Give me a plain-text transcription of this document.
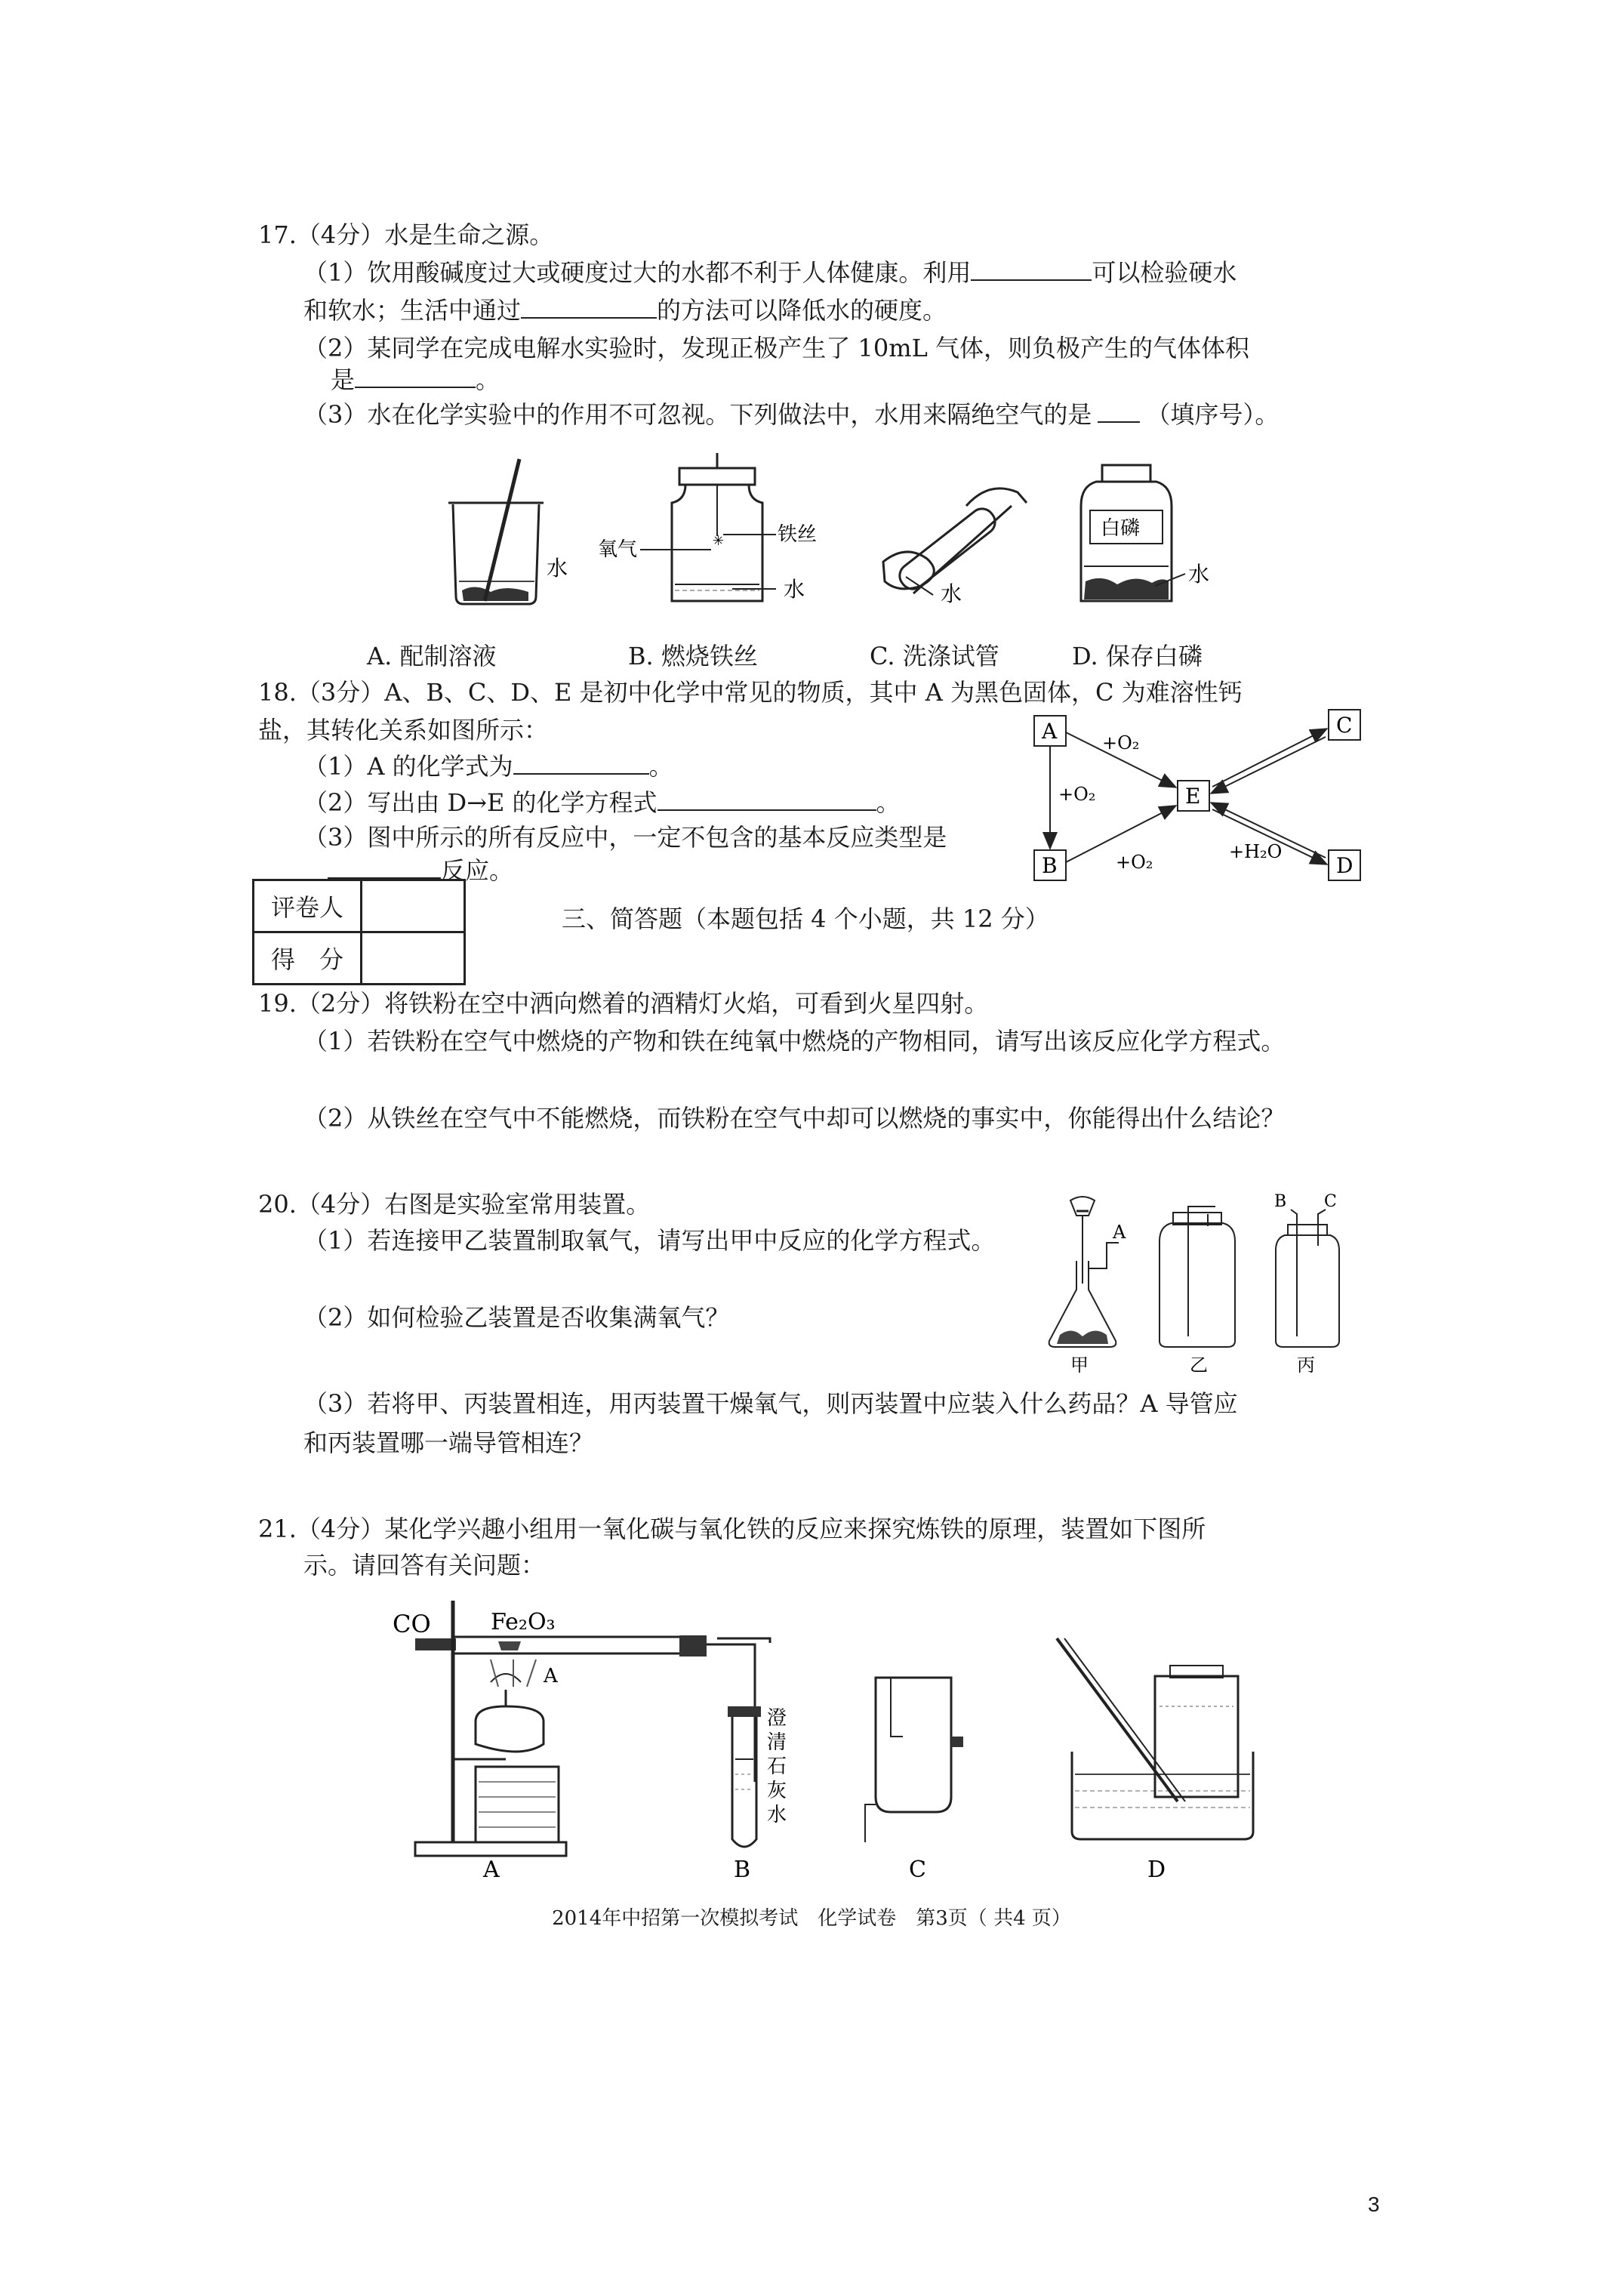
17.（4分）水是生命之源。
（1）饮用酸碱度过大或硬度过大的水都不利于人体健康。利用	可以检验硬水
和软水；生活中通过	的方法可以降低水的硬度。
（2）某同学在完成电解水实验时，发现正极产生了 10mL 气体，则负极产生的气体体积
是	。
（3）水在化学实验中的作用不可忽视。下列做法中，水用来隔绝空气的是 （填序号）。
水
✳
氧气
铁丝
水	水
白磷
水
A. 配制溶液	B. 燃烧铁丝	C. 洗涤试管	D. 保存白磷
18.（3分）A、B、C、D、E 是初中化学中常见的物质，其中 A 为黑色固体，C 为难溶性钙
盐，其转化关系如图所示：
（1）A 的化学式为	。
（2）写出由 D→E 的化学方程式	。
（3）图中所示的所有反应中，一定不包含的基本反应类型是
反应。
A
B
C
D
E
+O₂
+O₂
+O₂	+H₂O
评卷人	
得　分	
三、简答题（本题包括 4 个小题，共 12 分）
19.（2分）将铁粉在空中洒向燃着的酒精灯火焰，可看到火星四射。
（1）若铁粉在空气中燃烧的产物和铁在纯氧中燃烧的产物相同，请写出该反应化学方程式。
（2）从铁丝在空气中不能燃烧，而铁粉在空气中却可以燃烧的事实中，你能得出什么结论？
20.（4分）右图是实验室常用装置。
（1）若连接甲乙装置制取氧气，请写出甲中反应的化学方程式。
（2）如何检验乙装置是否收集满氧气？
（3）若将甲、丙装置相连，用丙装置干燥氧气，则丙装置中应装入什么药品？A 导管应
和丙装置哪一端导管相连？
A
甲	乙
B C
丙
21.（4分）某化学兴趣小组用一氧化碳与氧化铁的反应来探究炼铁的原理，装置如下图所
示。请回答有关问题：
CO	Fe₂O₃
A
A
澄
清
石
灰
水
B	C	D
2014年中招第一次模拟考试　化学试卷　第3页（ 共4 页）
3
